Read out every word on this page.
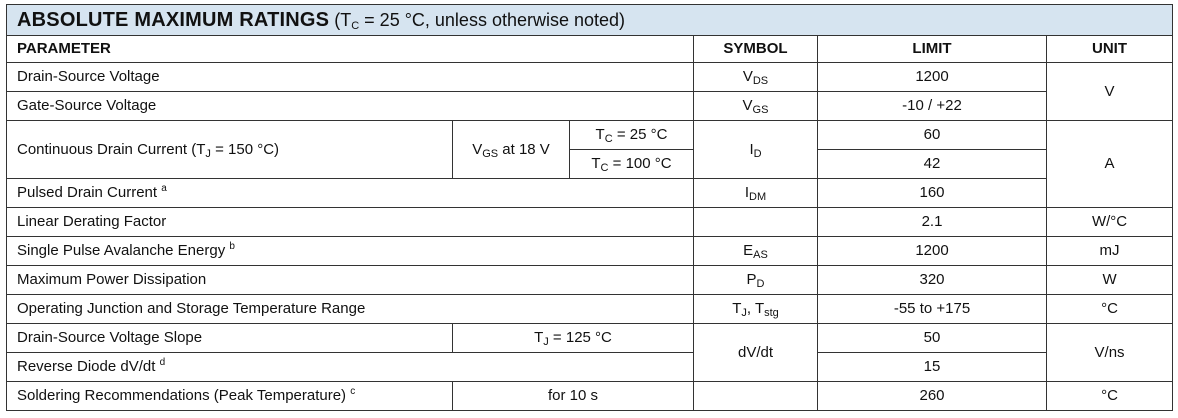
ABSOLUTE MAXIMUM RATINGS ($T_C = 25$ °C, unless otherwise noted)					
PARAMETER			SYMBOL	LIMIT	UNIT
Drain-Source Voltage			$V_{DS}$	1200	V
Gate-Source Voltage			$V_{GS}$	-10 / +22	
Continuous Drain Current ($T_J = 150$ °C)	$V_{GS}$ at 18 V	$T_C = 25$ °C	$I_D$	60	A
		$T_C = 100$ °C		42	
Pulsed Drain Current $^a$			$I_{DM}$	160	
Linear Derating Factor				2.1	W/°C
Single Pulse Avalanche Energy $^b$			$E_{AS}$	1200	mJ
Maximum Power Dissipation			$P_D$	320	W
Operating Junction and Storage Temperature Range			$T_J$, $T_{stg}$	-55 to +175	°C
Drain-Source Voltage Slope	$T_J = 125$ °C		dV/dt	50	V/ns
Reverse Diode dV/dt $^d$				15	
Soldering Recommendations (Peak Temperature) $^c$	for 10 s			260	°C
